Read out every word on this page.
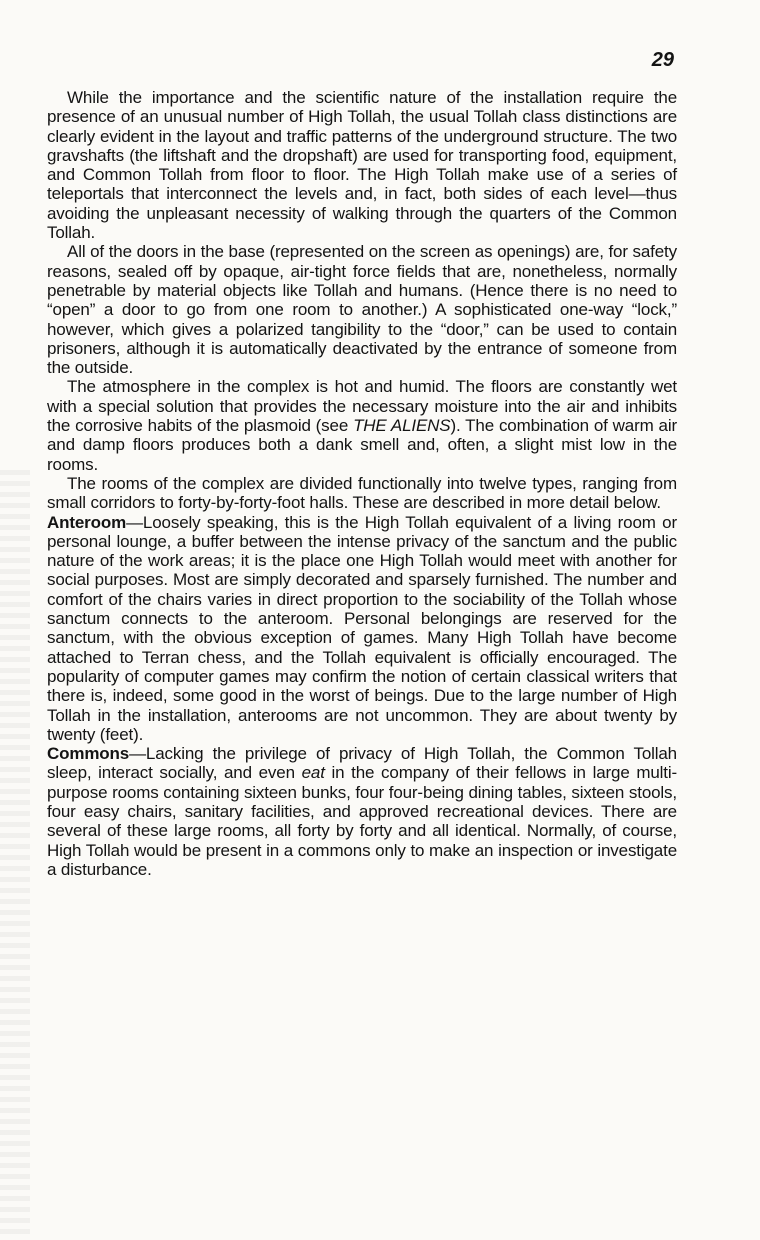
29

While the importance and the scientific nature of the installation require the presence of an unusual number of High Tollah, the usual Tollah class distinctions are clearly evident in the layout and traffic patterns of the underground structure. The two gravshafts (the liftshaft and the dropshaft) are used for transporting food, equipment, and Common Tollah from floor to floor. The High Tollah make use of a series of teleportals that interconnect the levels and, in fact, both sides of each level—thus avoiding the unpleasant necessity of walking through the quarters of the Common Tollah.

All of the doors in the base (represented on the screen as openings) are, for safety reasons, sealed off by opaque, air-tight force fields that are, nonetheless, normally penetrable by material objects like Tollah and humans. (Hence there is no need to “open” a door to go from one room to another.) A sophisticated one-way “lock,” however, which gives a polarized tangibility to the “door,” can be used to contain prisoners, although it is automatically deactivated by the entrance of someone from the outside.

The atmosphere in the complex is hot and humid. The floors are constantly wet with a special solution that provides the necessary moisture into the air and inhibits the corrosive habits of the plasmoid (see THE ALIENS). The combination of warm air and damp floors produces both a dank smell and, often, a slight mist low in the rooms.

The rooms of the complex are divided functionally into twelve types, ranging from small corridors to forty-by-forty-foot halls. These are described in more detail below.

Anteroom—Loosely speaking, this is the High Tollah equivalent of a living room or personal lounge, a buffer between the intense privacy of the sanctum and the public nature of the work areas; it is the place one High Tollah would meet with another for social purposes. Most are simply decorated and sparsely furnished. The number and comfort of the chairs varies in direct proportion to the sociability of the Tollah whose sanctum connects to the anteroom. Personal belongings are reserved for the sanctum, with the obvious exception of games. Many High Tollah have become attached to Terran chess, and the Tollah equivalent is officially encouraged. The popularity of computer games may confirm the notion of certain classical writers that there is, indeed, some good in the worst of beings. Due to the large number of High Tollah in the installation, anterooms are not uncommon. They are about twenty by twenty (feet).

Commons—Lacking the privilege of privacy of High Tollah, the Common Tollah sleep, interact socially, and even eat in the company of their fellows in large multi-purpose rooms containing sixteen bunks, four four-being dining tables, sixteen stools, four easy chairs, sanitary facilities, and approved recreational devices. There are several of these large rooms, all forty by forty and all identical. Normally, of course, High Tollah would be present in a commons only to make an inspection or investigate a disturbance.
